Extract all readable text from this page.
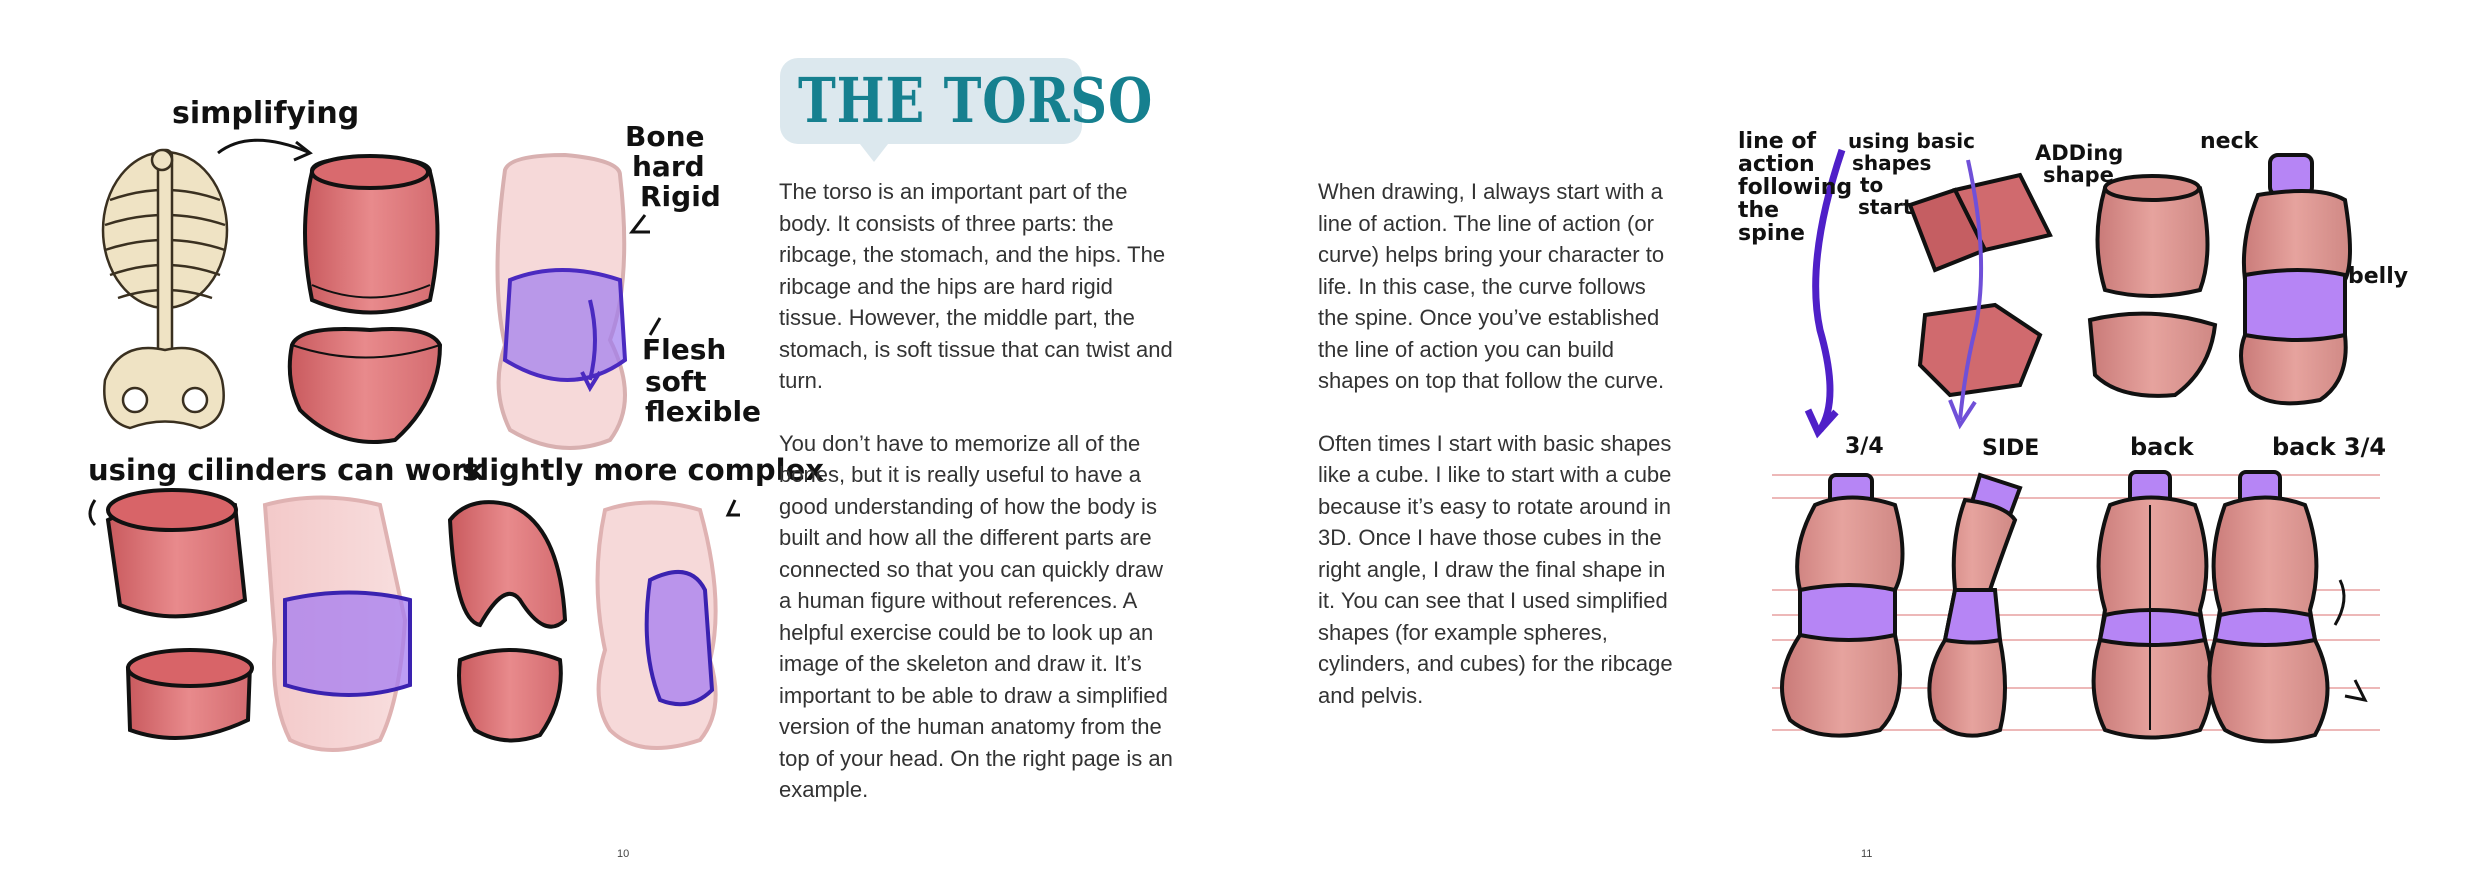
simplifying
Bone
hard
Rigid
Flesh
soft
flexible
using cilinders can work
slightly more complex
line of
action
following
the
spine
using basic
shapes
to
start
ADDing
shape
neck
belly
3/4	SIDE	back	back 3/4
THE TORSO

The torso is an important part of the body. It consists of three parts: the ribcage, the stomach, and the hips. The ribcage and the hips are hard rigid tissue. However, the middle part, the stomach, is soft tissue that can twist and turn.

You don’t have to memorize all of the bones, but it is really useful to have a good understanding of how the body is built and how all the different parts are connected so that you can quickly draw a human figure without references. A helpful exercise could be to look up an image of the skeleton and draw it. It’s important to be able to draw a simplified version of the human anatomy from the top of your head. On the right page is an example.

When drawing, I always start with a line of action. The line of action (or curve) helps bring your character to life. In this case, the curve follows the spine. Once you’ve established the line of action you can build shapes on top that follow the curve.

Often times I start with basic shapes like a cube. I like to start with a cube because it’s easy to rotate around in 3D. Once I have those cubes in the right angle, I draw the final shape in it. You can see that I used simplified shapes (for example spheres, cylinders, and cubes) for the ribcage and pelvis.

10	11
